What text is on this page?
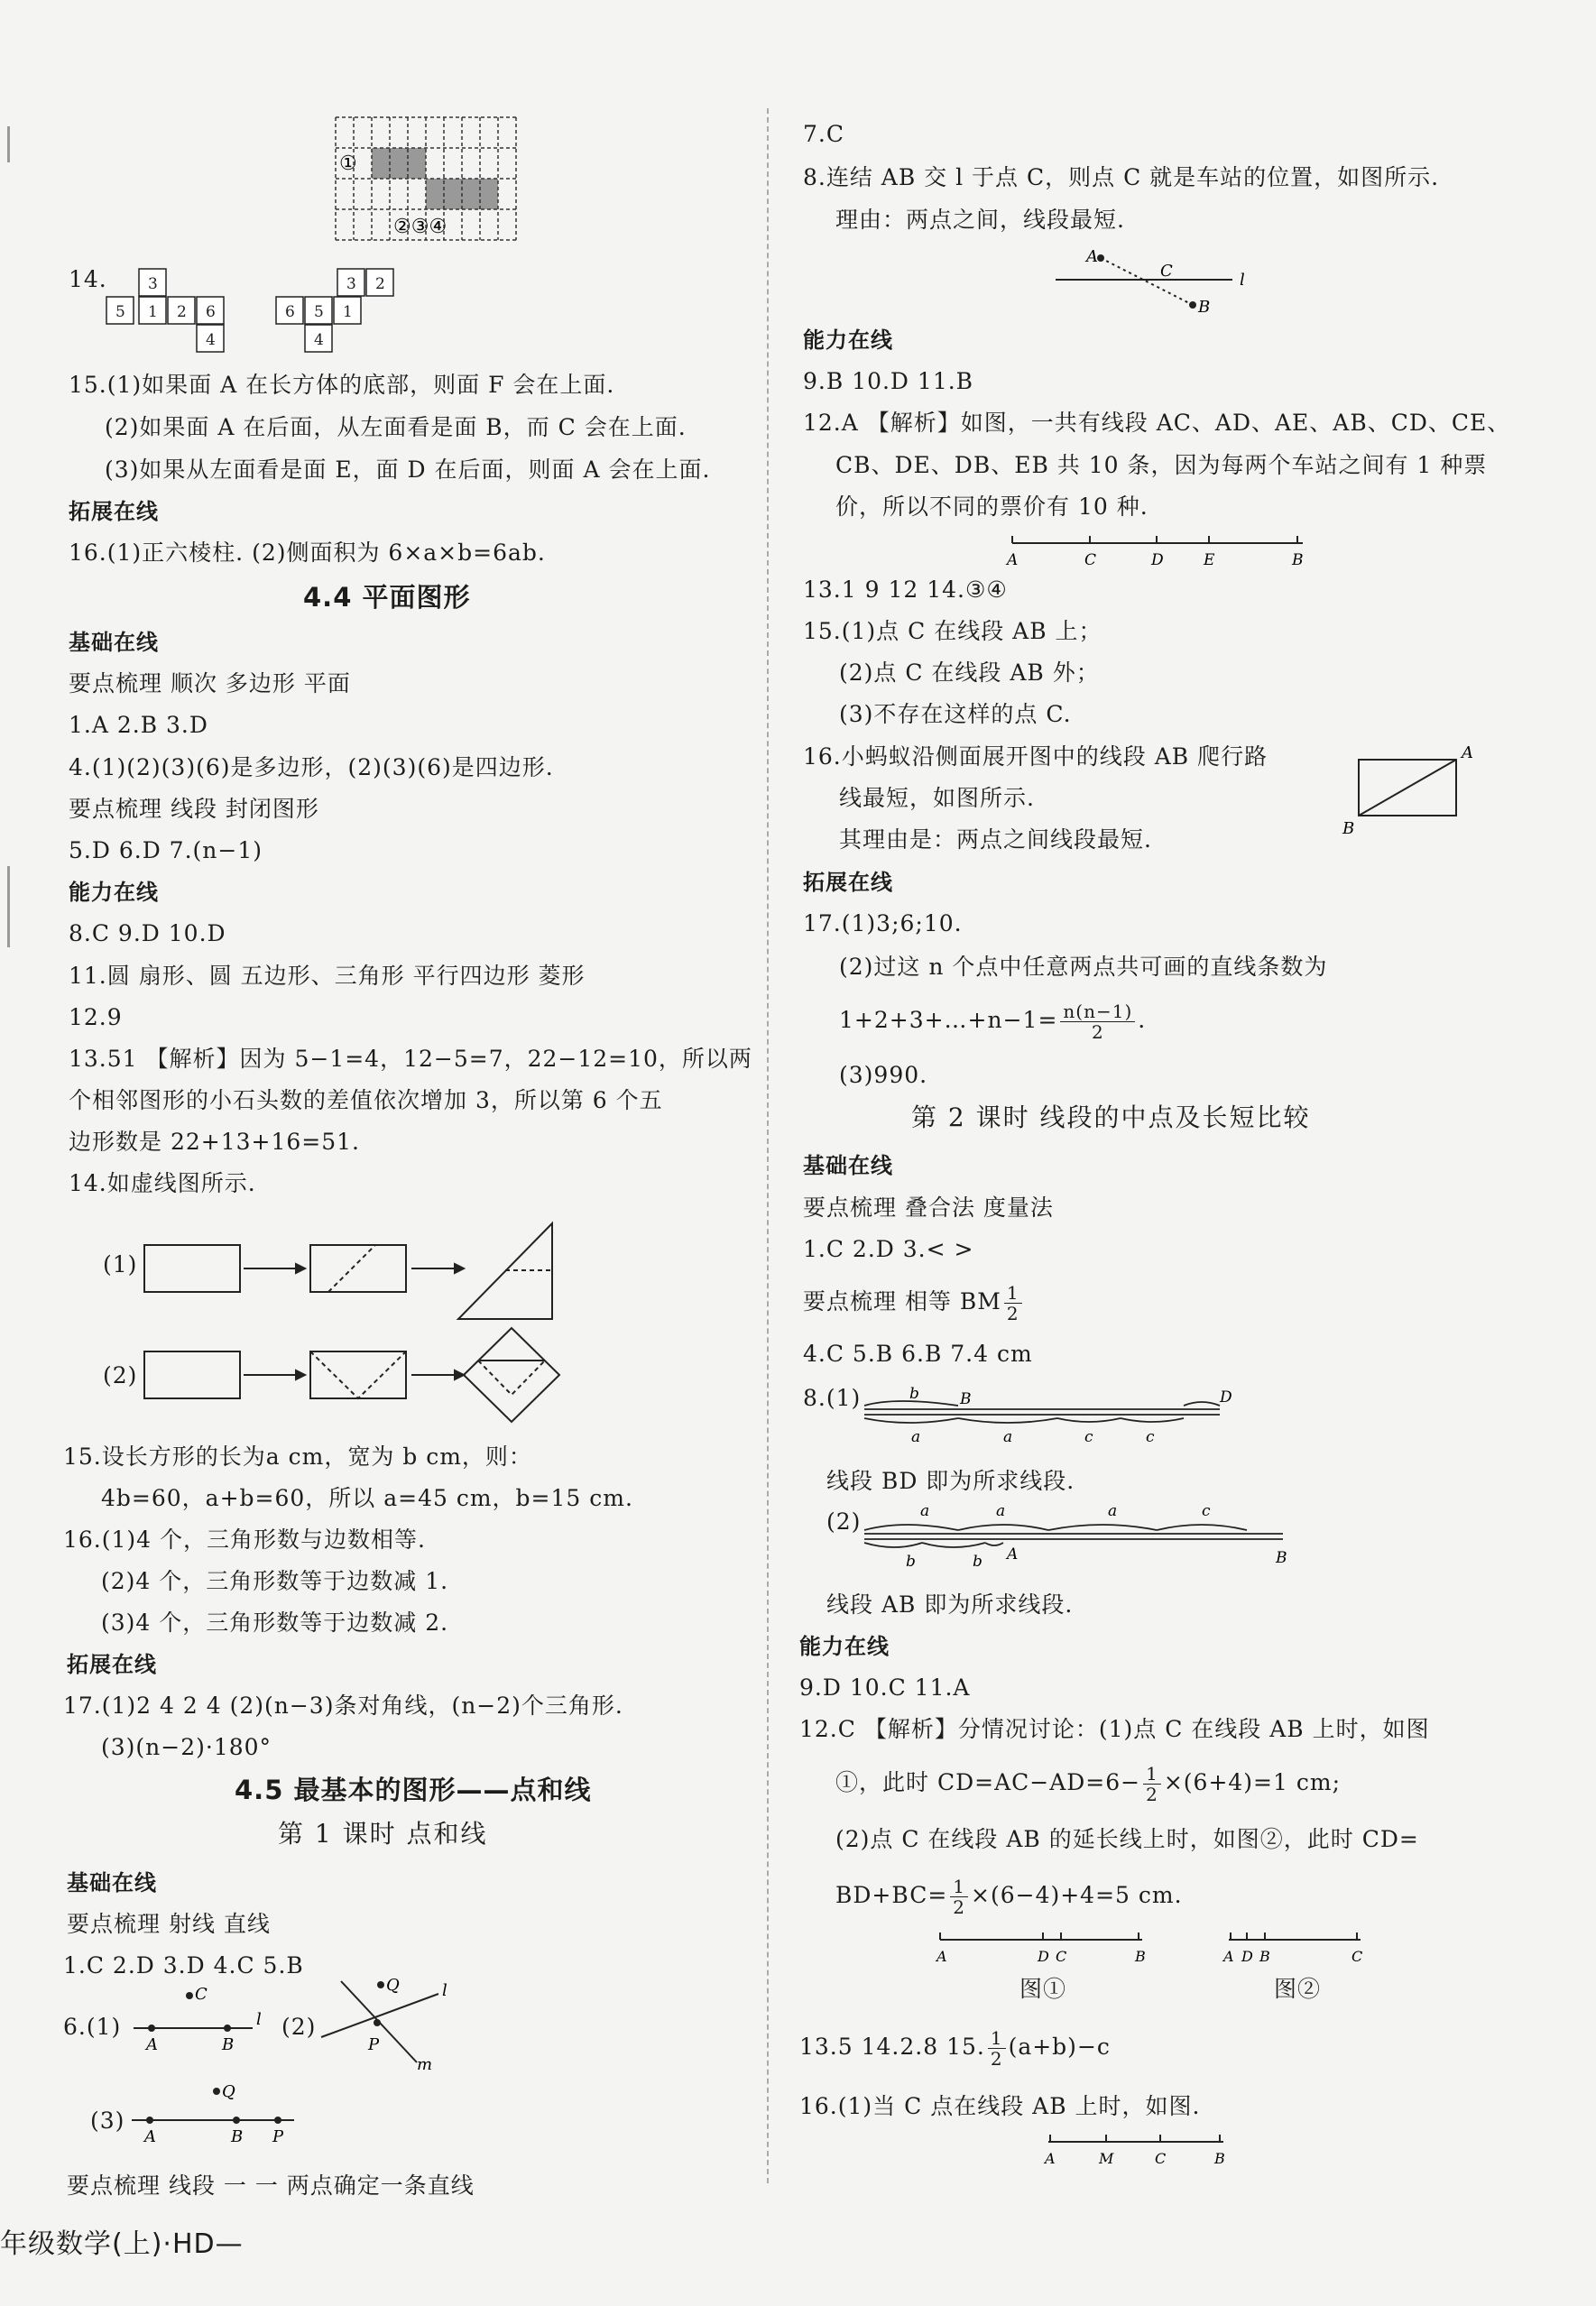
①
②③④
14.	3
5 1 2 6
4
3 2
6 5 1
4
15.(1)如果面 A 在长方体的底部，则面 F 会在上面.
(2)如果面 A 在后面，从左面看是面 B，而 C 会在上面.
(3)如果从左面看是面 E，面 D 在后面，则面 A 会在上面.
拓展在线
16.(1)正六棱柱. (2)侧面积为 6×a×b=6ab.
4.4 平面图形
基础在线
要点梳理 顺次 多边形 平面
1.A 2.B 3.D
4.(1)(2)(3)(6)是多边形，(2)(3)(6)是四边形.
要点梳理 线段 封闭图形
5.D 6.D 7.(n−1)
能力在线
8.C 9.D 10.D
11.圆 扇形、圆 五边形、三角形 平行四边形 菱形
12.9
13.51 【解析】因为 5−1=4，12−5=7，22−12=10，所以两
个相邻图形的小石头数的差值依次增加 3，所以第 6 个五
边形数是 22+13+16=51.
14.如虚线图所示.
(1)
(2)
15.设长方形的长为a cm，宽为 b cm，则：
4b=60，a+b=60，所以 a=45 cm，b=15 cm.
16.(1)4 个，三角形数与边数相等.
(2)4 个，三角形数等于边数减 1.
(3)4 个，三角形数等于边数减 2.
拓展在线
17.(1)2 4 2 4 (2)(n−3)条对角线，(n−2)个三角形.
(3)(n−2)·180°
4.5 最基本的图形——点和线
第 1 课时 点和线
基础在线
要点梳理 射线 直线
1.C 2.D 3.D 4.C 5.B
6.(1)
C
A	B
l (2)
Q
P
l
m
(3)
Q
A	B P
要点梳理 线段 一 一 两点确定一条直线
7.C
8.连结 AB 交 l 于点 C，则点 C 就是车站的位置，如图所示.
理由：两点之间，线段最短.
A
C
B
l
能力在线
9.B 10.D 11.B
12.A 【解析】如图，一共有线段 AC、AD、AE、AB、CD、CE、
CB、DE、DB、EB 共 10 条，因为每两个车站之间有 1 种票
价，所以不同的票价有 10 种.
A	C	D	E	B
13.1 9 12 14.③④
15.(1)点 C 在线段 AB 上；
(2)点 C 在线段 AB 外；
(3)不存在这样的点 C.
16.小蚂蚁沿侧面展开图中的线段 AB 爬行路
线最短，如图所示.
其理由是：两点之间线段最短.
A
B
拓展在线
17.(1)3;6;10.
(2)过这 n 个点中任意两点共可画的直线条数为
1+2+3+…+n−1= $\frac{n(n-1)}{2}$ .
(3)990.
第 2 课时 线段的中点及长短比较
基础在线
要点梳理 叠合法 度量法
1.C 2.D 3.< >
要点梳理 相等 BM $\frac{1}{2}$
4.C 5.B 6.B 7.4 cm
8.(1)	b	B	D
a	a	c	c
线段 BD 即为所求线段.
(2)	a	a	a	c
b	b A	B
线段 AB 即为所求线段.
能力在线
9.D 10.C 11.A
12.C 【解析】分情况讨论：(1)点 C 在线段 AB 上时，如图
①，此时 $CD=AC-AD=6- \frac{1}{2} \times(6+4)=1$ cm;
(2)点 C 在线段 AB 的延长线上时，如图②，此时 CD=
$BD+BC= \frac{1}{2} \times(6-4)+4=5$ cm.
A	D C	B
图①
A D B	C
图②
13.5 14.2.8 15. $\frac{1}{2} (a+b)-c$
16.(1)当 C 点在线段 AB 上时，如图.
A	M	C	B
年级数学(上)·HD—
